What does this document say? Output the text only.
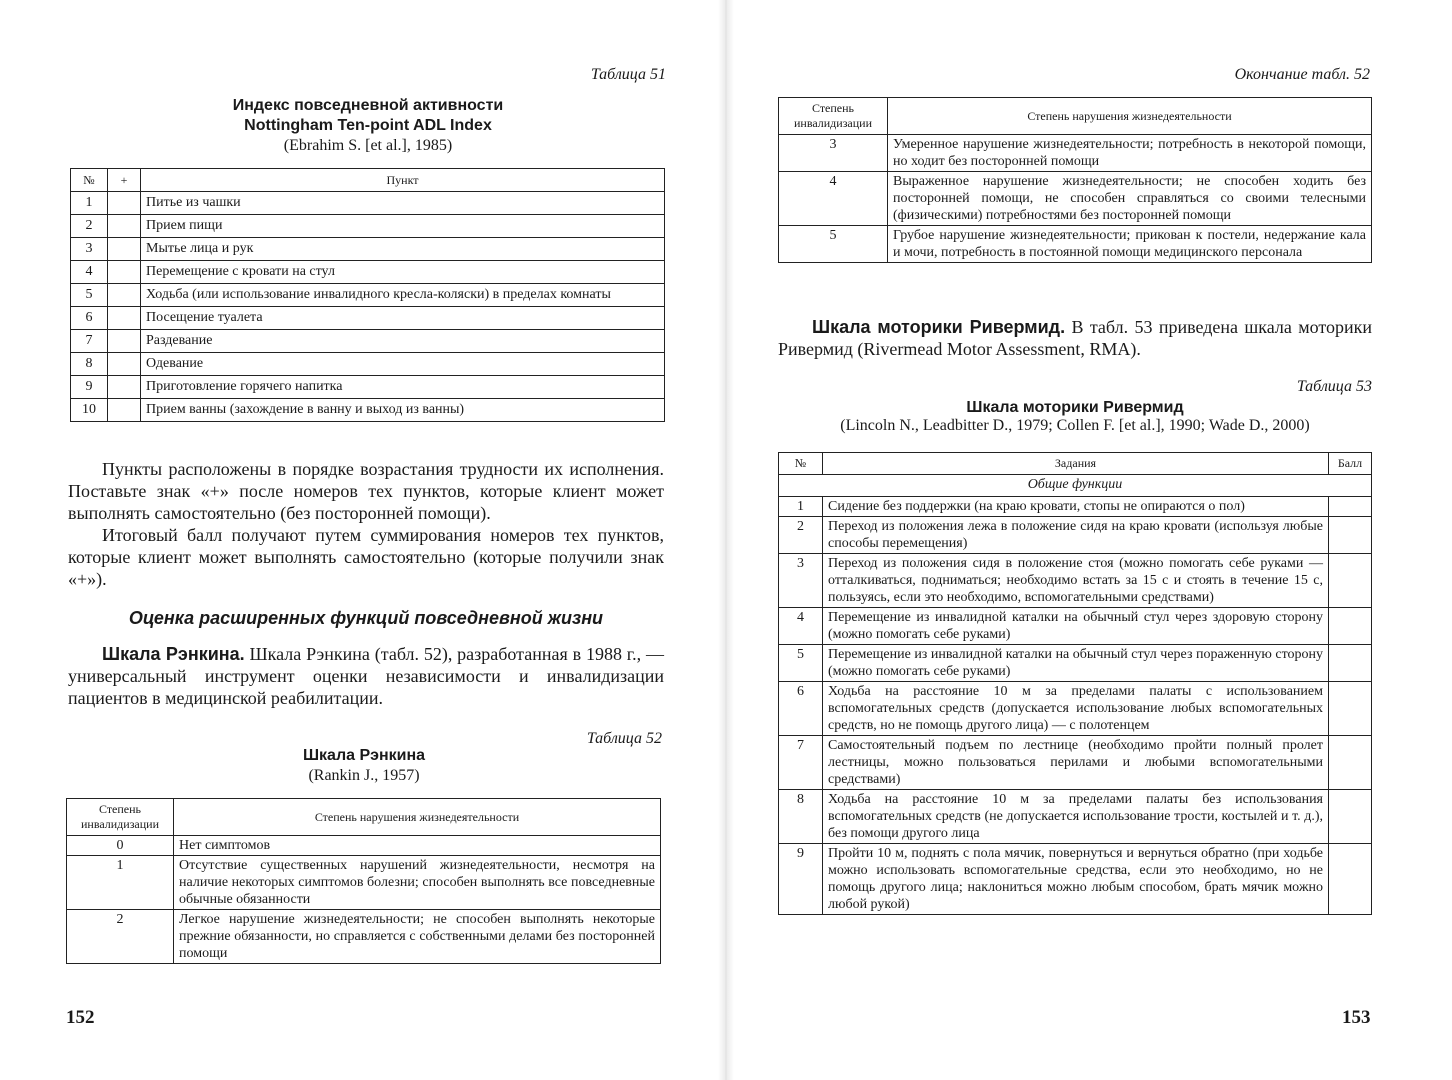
Таблица 51
Индекс повседневной активности
Nottingham Ten-point ADL Index
(Ebrahim S. [et al.], 1985)
№	+	Пункт
1		Питье из чашки
2		Прием пищи
3		Мытье лица и рук
4		Перемещение с кровати на стул
5		Ходьба (или использование инвалидного кресла-коляски) в пределах комнаты
6		Посещение туалета
7		Раздевание
8		Одевание
9		Приготовление горячего напитка
10		Прием ванны (захождение в ванну и выход из ванны)
Пункты расположены в порядке возрастания трудности их исполнения. Поставьте знак «+» после номеров тех пунктов, которые клиент может выполнять самостоятельно (без посторонней помощи).
Итоговый балл получают путем суммирования номеров тех пунктов, которые клиент может выполнять самостоятельно (которые получили знак «+»).
Оценка расширенных функций повседневной жизни
Шкала Рэнкина. Шкала Рэнкина (табл. 52), разработанная в 1988 г., — универсальный инструмент оценки независимости и инвалидизации пациентов в медицинской реабилитации.
Таблица 52
Шкала Рэнкина
(Rankin J., 1957)
Степень инвалидизации	Степень нарушения жизнедеятельности
0	Нет симптомов
1	Отсутствие существенных нарушений жизнедеятельности, несмотря на наличие некоторых симптомов болезни; способен выполнять все повседневные обычные обязанности
2	Легкое нарушение жизнедеятельности; не способен выполнять некоторые прежние обязанности, но справляется с собственными делами без посторонней помощи
152
Окончание табл. 52
Степень инвалидизации	Степень нарушения жизнедеятельности
3	Умеренное нарушение жизнедеятельности; потребность в некоторой помощи, но ходит без посторонней помощи
4	Выраженное нарушение жизнедеятельности; не способен ходить без посторонней помощи, не способен справляться со своими телесными (физическими) потребностями без посторонней помощи
5	Грубое нарушение жизнедеятельности; прикован к постели, недержание кала и мочи, потребность в постоянной помощи медицинского персонала
Шкала моторики Ривермид. В табл. 53 приведена шкала моторики Ривермид (Rivermead Motor Assessment, RMA).
Таблица 53
Шкала моторики Ривермид
(Lincoln N., Leadbitter D., 1979; Collen F. [et al.], 1990; Wade D., 2000)
№	Задания	Балл
Общие функции		
1	Сидение без поддержки (на краю кровати, стопы не опираются о пол)	
2	Переход из положения лежа в положение сидя на краю кровати (используя любые способы перемещения)	
3	Переход из положения сидя в положение стоя (можно помогать себе руками — отталкиваться, подниматься; необходимо встать за 15 с и стоять в течение 15 с, пользуясь, если это необходимо, вспомогательными средствами)	
4	Перемещение из инвалидной каталки на обычный стул через здоровую сторону (можно помогать себе руками)	
5	Перемещение из инвалидной каталки на обычный стул через пораженную сторону (можно помогать себе руками)	
6	Ходьба на расстояние 10 м за пределами палаты с использованием вспомогательных средств (допускается использование любых вспомогательных средств, но не помощь другого лица) — с полотенцем	
7	Самостоятельный подъем по лестнице (необходимо пройти полный пролет лестницы, можно пользоваться перилами и любыми вспомогательными средствами)	
8	Ходьба на расстояние 10 м за пределами палаты без использования вспомогательных средств (не допускается использование трости, костылей и т. д.), без помощи другого лица	
9	Пройти 10 м, поднять с пола мячик, повернуться и вернуться обратно (при ходьбе можно использовать вспомогательные средства, если это необходимо, но не помощь другого лица; наклониться можно любым способом, брать мячик можно любой рукой)	
153
